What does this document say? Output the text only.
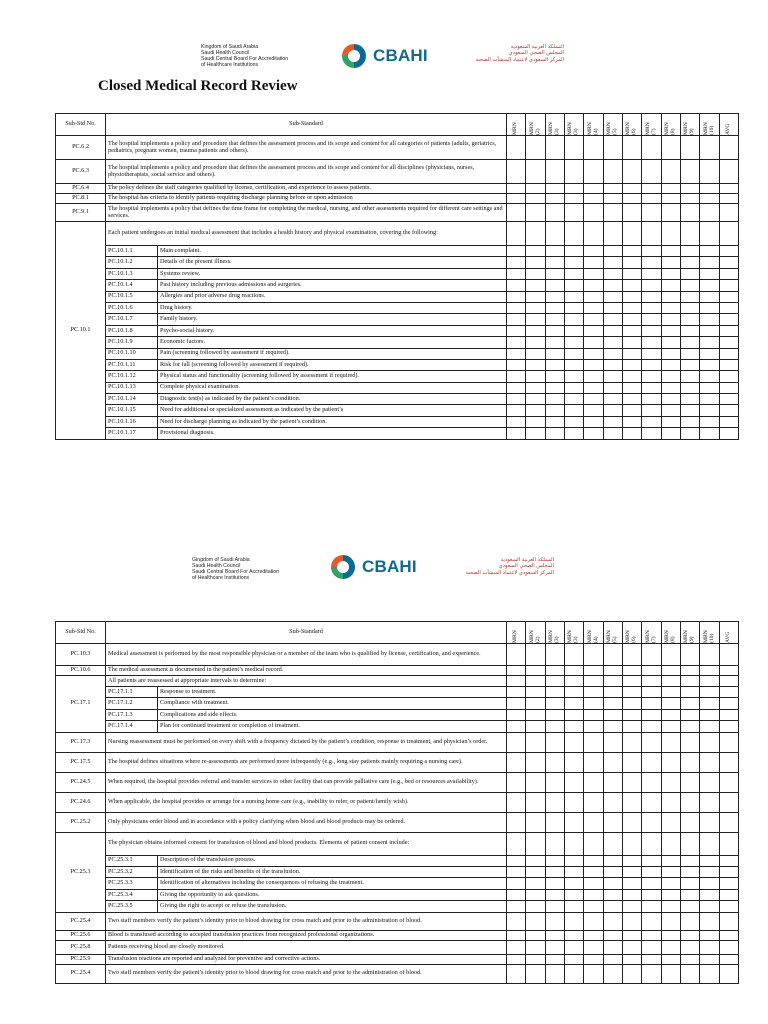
Kingdom of Saudi Arabia
Saudi Health Council
Saudi Central Board For Accreditation
of Healthcare Institutions	CBAHI	المملكة العربية السعودية
المجلس الصحي السعودي
المركز السعودي لاعتماد المنشآت الصحية
Closed Medical Record Review
Sub-Std No.	Sub-Standard		MRN	MRN (2)	MRN (3)	MRN (3)	MRN (4)	MRN (5)	MRN (6)	MRN (7)	MRN (8)	MRN (9)	MRN (10)	AVG

PC.6.2	The hospital implements a policy and procedure that defines the assessment process and its scope and content for all categories of patients (adults, geriatrics, pediatrics, pregnant women, trauma patients and others).													
PC.6.3	The hospital implements a policy and procedure that defines the assessment process and its scope and content for all disciplines (physicians, nurses, physiotherapists, social service and others).													
PC.6.4	The policy defines the staff categories qualified by license, certification, and experience to assess patients.													
PC.8.1	The hospital has criteria to identify patients requiring discharge planning before or upon admission													
PC.9.1	The hospital implements a policy that defines the time frame for completing the medical, nursing, and other assessments required for different care settings and services.													
PC.10.1	Each patient undergoes an initial medical assessment that includes a health history and physical examination, covering the following:													
	PC.10.1.1	Main complaint.												
	PC.10.1.2	Details of the present illness.												
	PC.10.1.3	Systems review.												
	PC.10.1.4	Past history including previous admissions and surgeries.												
	PC.10.1.5	Allergies and prior adverse drug reactions.												
	PC.10.1.6	Drug history.												
	PC.10.1.7	Family history.												
	PC.10.1.8	Psycho-social history.												
	PC.10.1.9	Economic factors.												
	PC.10.1.10	Pain (screening followed by assessment if required).												
	PC.10.1.11	Risk for fall (screening followed by assessment if required).												
	PC.10.1.12	Physical status and functionality (screening followed by assessment if required).												
	PC.10.1.13	Complete physical examination.												
	PC.10.1.14	Diagnostic test(s) as indicated by the patient’s condition.												
	PC.10.1.15	Need for additional or specialized assessment as indicated by the patient’s												
	PC.10.1.16	Need for discharge planning as indicated by the patient’s condition.												
	PC.10.1.17	Provisional diagnosis.												
Gingdom of Saudi Arabia
Saudi Health Council
Saudi Central Board For Accreditation
of Healthcare Institutions
CBAHI	المملكة العربية السعودية
المجلس الصحي السعودي
المركز السعودي لاعتماد المنشآت الصحية
Sub-Std No.	Sub-Standard		MRN	MRN (2)	MRN (3)	MRN (3)	MRN (4)	MRN (5)	MRN (6)	MRN (7)	MRN (8)	MRN (9)	MRN (10)	AVG

PC.10.3	Medical assessment is performed by the most responsible physician or a member of the team who is qualified by license, certification, and experience.													
PC.10.6	The medical assessment is documented in the patient’s medical record.													
PC.17.1	All patients are reassessed at appropriate intervals to determine:													
	PC.17.1.1	Response to treatment.												
	PC.17.1.2	Compliance with treatment.												
	PC.17.1.3	Complications and side effects.												
	PC.17.1.4	Plan for continued treatment or completion of treatment.												
PC.17.3	Nursing reassessment must be performed on every shift with a frequency dictated by the patient’s condition, response to treatment, and physician’s order.													
PC.17.5	The hospital defines situations where re-assessments are performed more infrequently (e.g., long stay patients mainly requiring a nursing care).													
PC.24.5	When required, the hospital provides referral and transfer services to other facility that can provide palliative care (e.g., bed or resources availability).													
PC.24.6	When applicable, the hospital provides or arrange for a nursing home care (e.g., inability to refer, or patient/family wish).													
PC.25.2	Only physicians order blood and in accordance with a policy clarifying when blood and blood products may be ordered.													
PC.25.3	The physician obtains informed consent for transfusion of blood and blood products. Elements of patient consent include:													
	PC.25.3.1	Description of the transfusion process.												
	PC.25.3.2	Identification of the risks and benefits of the transfusion.												
	PC.25.3.3	Identification of alternatives including the consequences of refusing the treatment.												
	PC.25.3.4	Giving the opportunity to ask questions.												
	PC.25.3.5	Giving the right to accept or refuse the transfusion.												
PC.25.4	Two staff members verify the patient’s identity prior to blood drawing for cross match and prior to the administration of blood.													
PC.25.6	Blood is transfused according to accepted transfusion practices from recognized professional organizations.													
PC.25.8	Patients receiving blood are closely monitored.													
PC.25.9	Transfusion reactions are reported and analyzed for preventive and corrective actions.													
PC.25.4	Two staff members verify the patient’s identity prior to blood drawing for cross match and prior to the administration of blood.													
